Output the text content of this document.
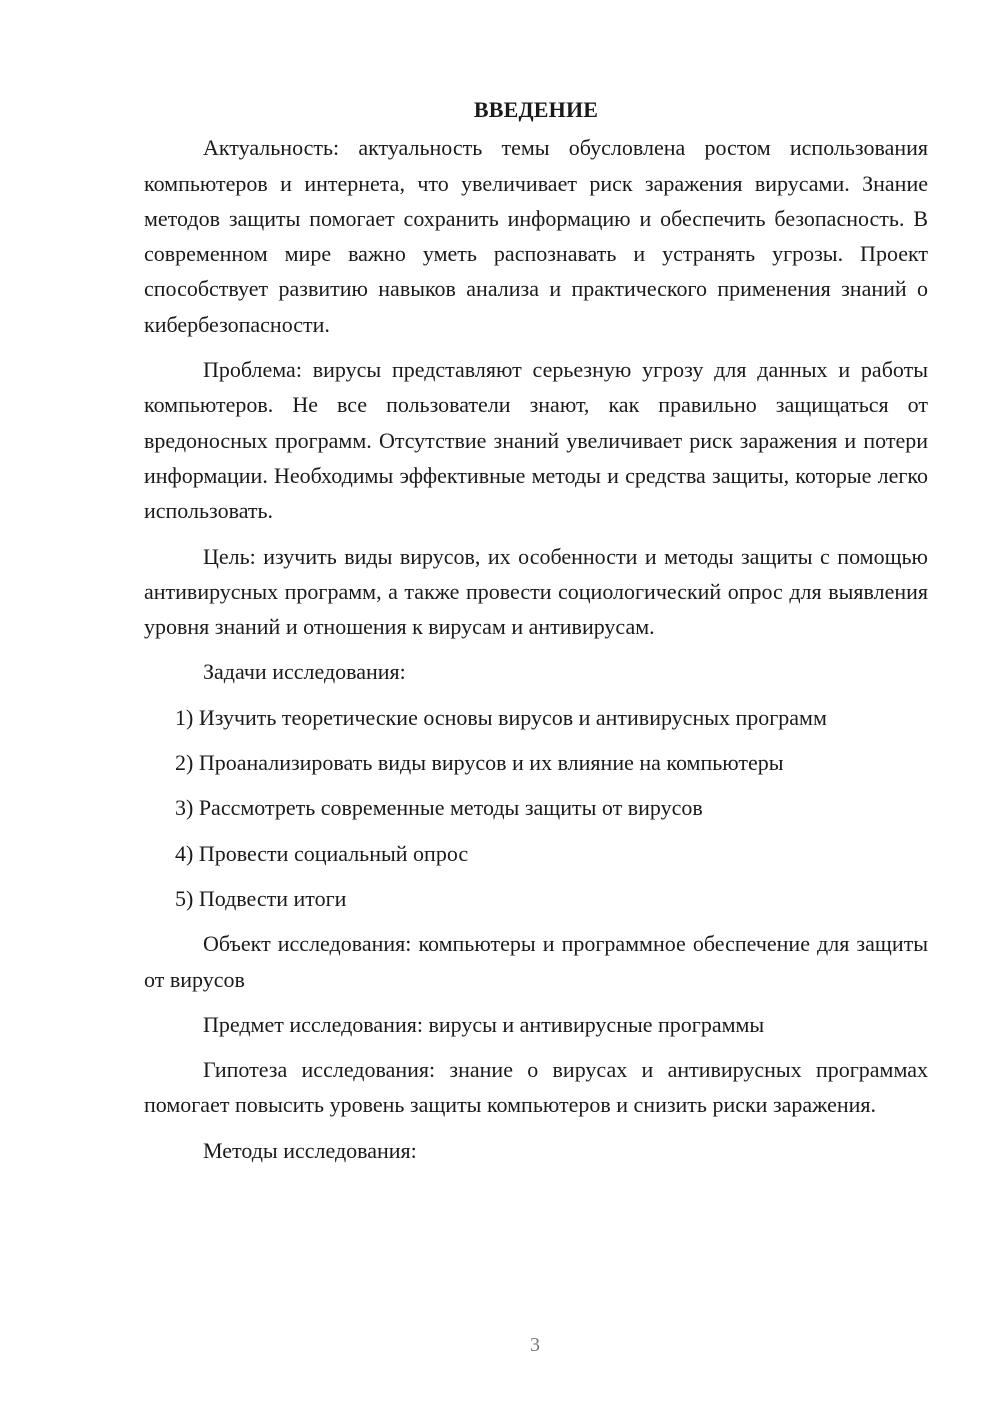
ВВЕДЕНИЕ

Актуальность: актуальность темы обусловлена ростом использования компьютеров и интернета, что увеличивает риск заражения вирусами. Знание методов защиты помогает сохранить информацию и обеспечить безопасность. В современном мире важно уметь распознавать и устранять угрозы. Проект способствует развитию навыков анализа и практического применения знаний о кибербезопасности.

Проблема: вирусы представляют серьезную угрозу для данных и работы компьютеров. Не все пользователи знают, как правильно защищаться от вредоносных программ. Отсутствие знаний увеличивает риск заражения и потери информации. Необходимы эффективные методы и средства защиты, которые легко использовать.

Цель: изучить виды вирусов, их особенности и методы защиты с помощью антивирусных программ, а также провести социологический опрос для выявления уровня знаний и отношения к вирусам и антивирусам.

Задачи исследования:

1) Изучить теоретические основы вирусов и антивирусных программ
2) Проанализировать виды вирусов и их влияние на компьютеры
3) Рассмотреть современные методы защиты от вирусов
4) Провести социальный опрос
5) Подвести итоги

Объект исследования: компьютеры и программное обеспечение для защиты от вирусов

Предмет исследования: вирусы и антивирусные программы

Гипотеза исследования: знание о вирусах и антивирусных программах помогает повысить уровень защиты компьютеров и снизить риски заражения.

Методы исследования:

3
